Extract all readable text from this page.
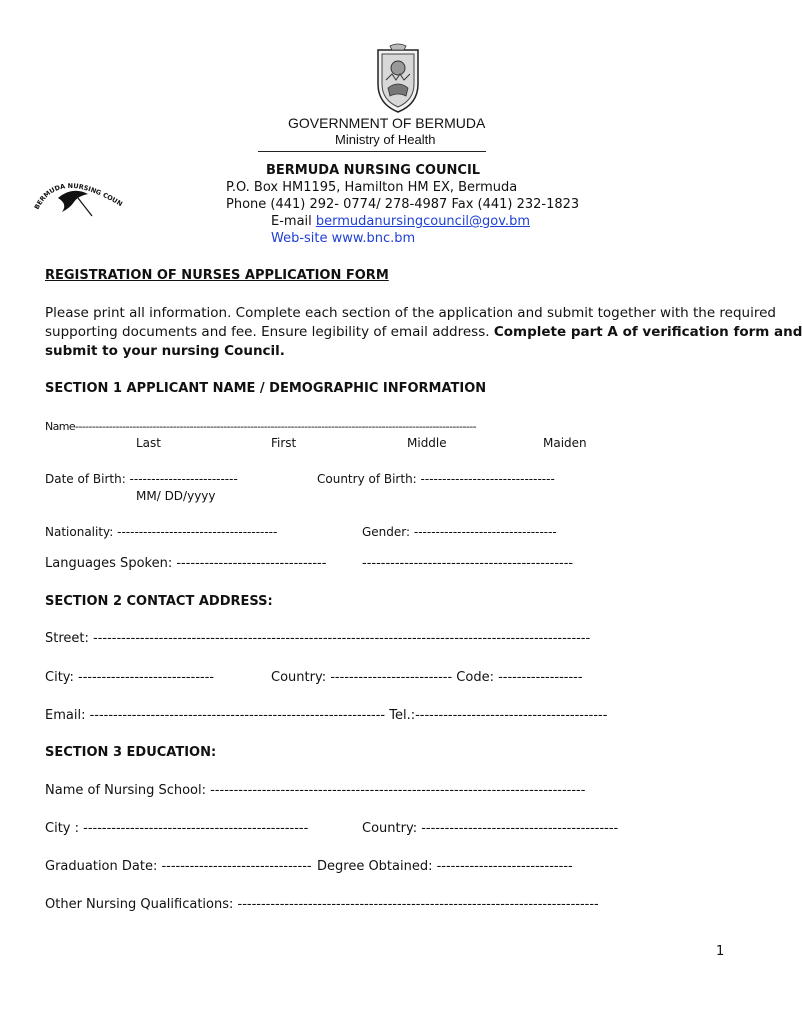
GOVERNMENT OF BERMUDA
Ministry of Health
BERMUDA NURSING COUN
BERMUDA NURSING COUNCIL
P.O. Box HM1195, Hamilton HM EX, Bermuda
Phone (441) 292- 0774/ 278-4987 Fax (441) 232-1823
E-mail bermudanursingcouncil@gov.bm
Web-site www.bnc.bm
REGISTRATION OF NURSES APPLICATION FORM
Please print all information. Complete each section of the application and submit together with the required
supporting documents and fee. Ensure legibility of email address. Complete part A of verification form and
submit to your nursing Council.
SECTION 1 APPLICANT NAME / DEMOGRAPHIC INFORMATION
Name-----------------------------------------------------------------------------------------------------------------------
Last	First	Middle	Maiden
Date of Birth: -------------------------	Country of Birth: -------------------------------
MM/ DD/yyyy
Nationality: -------------------------------------	Gender: ---------------------------------
Languages Spoken: --------------------------------	---------------------------------------------
SECTION 2 CONTACT ADDRESS:
Street: ----------------------------------------------------------------------------------------------------------
City: -----------------------------	Country: -------------------------- Code: ------------------
Email: --------------------------------------------------------------- Tel.:-----------------------------------------
SECTION 3 EDUCATION:
Name of Nursing School: --------------------------------------------------------------------------------
City : ------------------------------------------------	Country: ------------------------------------------
Graduation Date: -------------------------------- Degree Obtained: -----------------------------
Other Nursing Qualifications: -----------------------------------------------------------------------------
1
